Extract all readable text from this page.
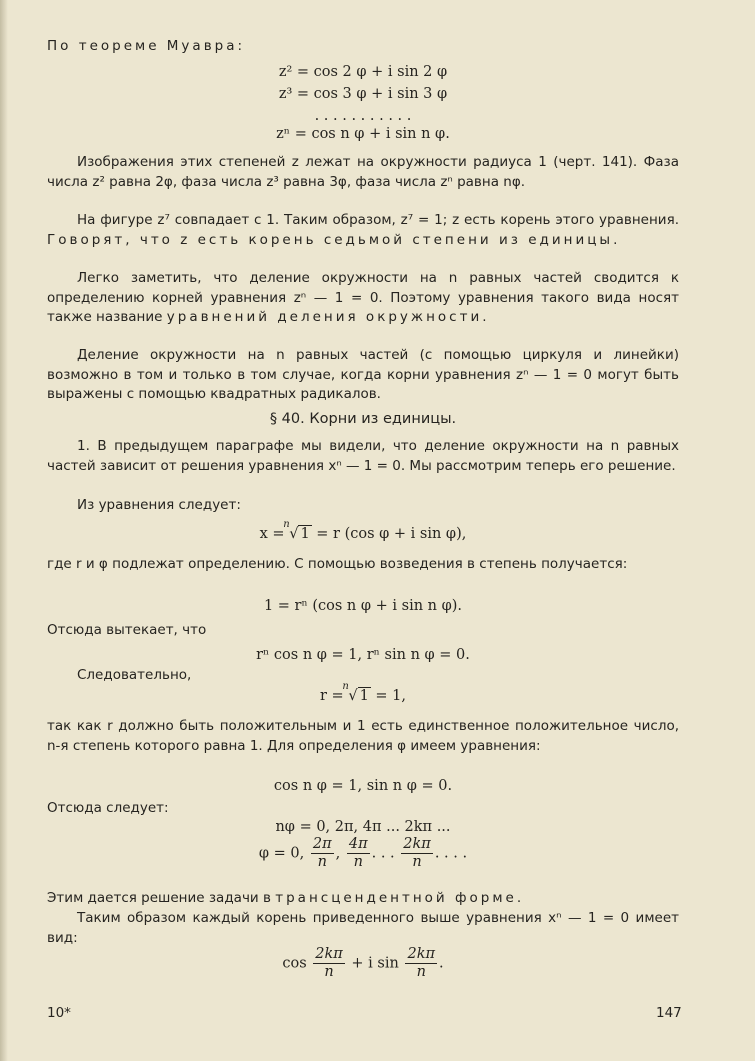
По теореме Муавра:
z² = cos 2 φ + i sin 2 φ
z³ = cos 3 φ + i sin 3 φ
. . . . . . . . . . .
zⁿ = cos n φ + i sin n φ.
Изображения этих степеней z лежат на окружности радиуса 1 (черт. 141). Фаза числа z² равна 2φ, фаза числа z³ равна 3φ, фаза числа zⁿ равна nφ.
На фигуре z⁷ совпадает с 1. Таким образом, z⁷ = 1; z есть корень этого уравнения. Говорят, что z есть корень седьмой степени из единицы.
Легко заметить, что деление окружности на n равных частей сводится к определению корней уравнения zⁿ — 1 = 0. Поэтому уравнения такого вида носят также название уравнений деления окружности.
Деление окружности на n равных частей (с помощью циркуля и линейки) возможно в том и только в том случае, когда корни уравнения zⁿ — 1 = 0 могут быть выражены с помощью квадратных радикалов.
§ 40. Корни из единицы.
1. В предыдущем параграфе мы видели, что деление окружности на n равных частей зависит от решения уравнения xⁿ — 1 = 0. Мы рассмотрим теперь его решение.
Из уравнения следует:
x =
n
√ 1 = r (cos φ + i sin φ),
где r и φ подлежат определению. С помощью возведения в степень получается:
1 = rⁿ (cos n φ + i sin n φ).
Отсюда вытекает, что
rⁿ cos n φ = 1, rⁿ sin n φ = 0.
Следовательно,
r =
n
√ 1 = 1,
так как r должно быть положительным и 1 есть единственное положительное число, n-я степень которого равна 1. Для определения φ имеем уравнения:
cos n φ = 1, sin n φ = 0.
Отсюда следует:
nφ = 0, 2π, 4π ... 2kπ ...
φ = 0, $\frac{2\pi}{n}$ , $\frac{4\pi}{n}$ . . . $\frac{2k\pi}{n}$ . . . .
Этим дается решение задачи в трансцендентной форме.
Таким образом каждый корень приведенного выше уравнения xⁿ — 1 = 0 имеет вид:
$\cos \frac{2k\pi}{n} + i$ $\sin \frac{2k\pi}{n}$ .
10*	147
